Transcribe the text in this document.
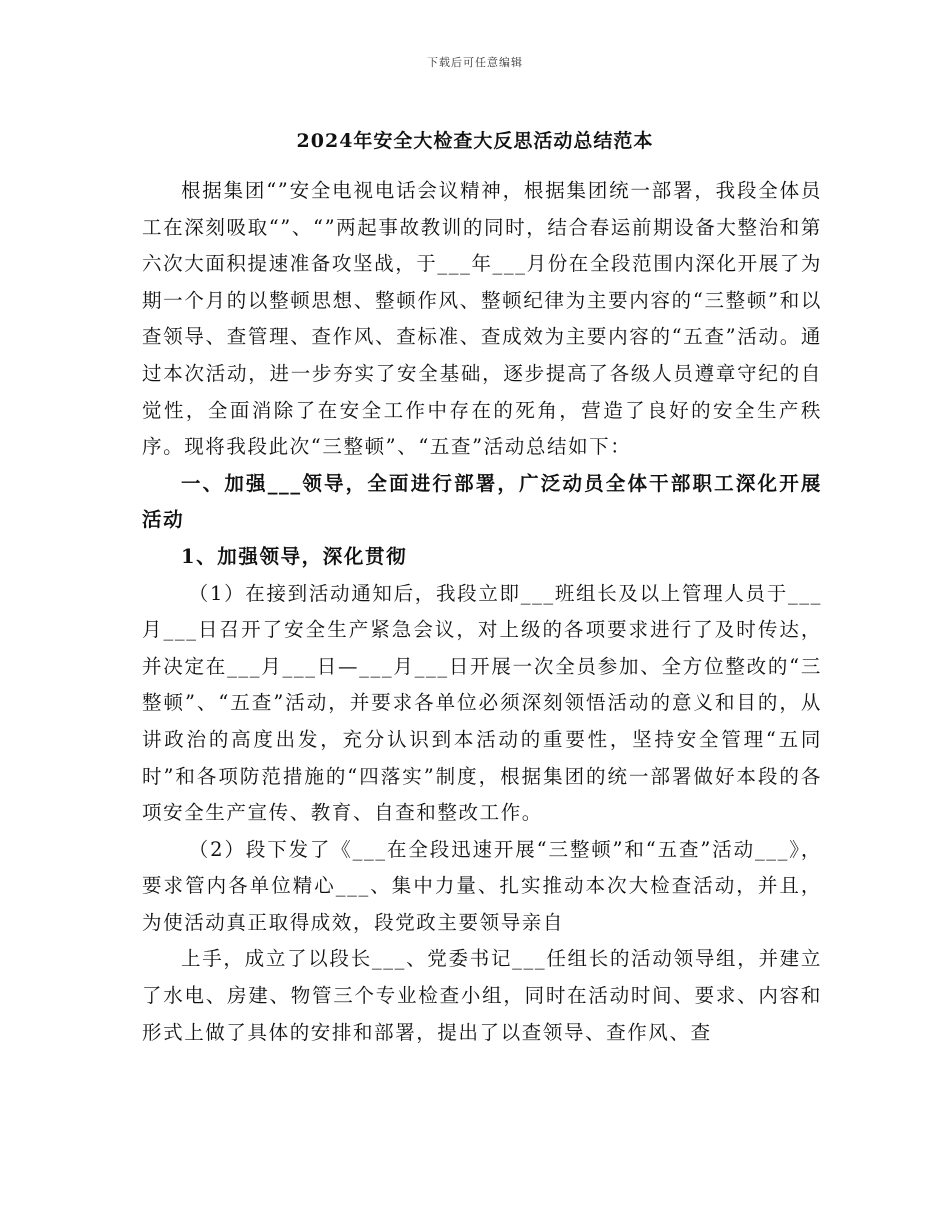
下载后可任意编辑
2024年安全大检查大反思活动总结范本

根据集团“”安全电视电话会议精神，根据集团统一部署，我段全体员工在深刻吸取“”、“”两起事故教训的同时，结合春运前期设备大整治和第六次大面积提速准备攻坚战，于___年___月份在全段范围内深化开展了为期一个月的以整顿思想、整顿作风、整顿纪律为主要内容的“三整顿”和以查领导、查管理、查作风、查标准、查成效为主要内容的“五查”活动。通过本次活动，进一步夯实了安全基础，逐步提高了各级人员遵章守纪的自觉性，全面消除了在安全工作中存在的死角，营造了良好的安全生产秩序。现将我段此次“三整顿”、“五查”活动总结如下：

一、加强___领导，全面进行部署，广泛动员全体干部职工深化开展活动

1、加强领导，深化贯彻

（1）在接到活动通知后，我段立即___班组长及以上管理人员于___月___日召开了安全生产紧急会议，对上级的各项要求进行了及时传达，并决定在___月___日—___月___日开展一次全员参加、全方位整改的“三整顿”、“五查”活动，并要求各单位必须深刻领悟活动的意义和目的，从讲政治的高度出发，充分认识到本活动的重要性，坚持安全管理“五同时”和各项防范措施的“四落实”制度，根据集团的统一部署做好本段的各项安全生产宣传、教育、自查和整改工作。

（2）段下发了《___在全段迅速开展“三整顿”和“五查”活动___》，要求管内各单位精心___、集中力量、扎实推动本次大检查活动，并且，为使活动真正取得成效，段党政主要领导亲自

上手，成立了以段长___、党委书记___任组长的活动领导组，并建立了水电、房建、物管三个专业检查小组，同时在活动时间、要求、内容和形式上做了具体的安排和部署，提出了以查领导、查作风、查
